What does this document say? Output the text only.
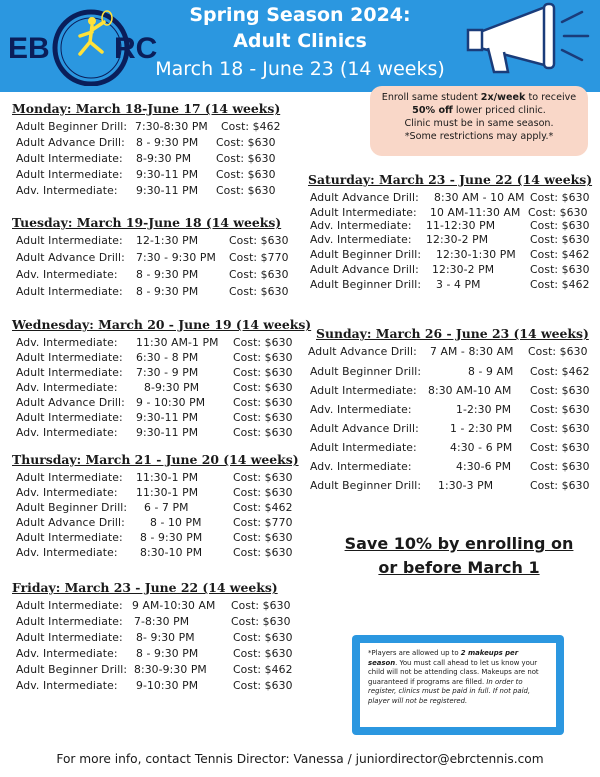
EB RC
Spring Season 2024:
Adult Clinics
March 18 - June 23 (14 weeks)
Enroll same student 2x/week to receive
50% off lower priced clinic.
Clinic must be in same season.
*Some restrictions may apply.*
Monday: March 18-June 17 (14 weeks)
Adult Beginner Drill: 7:30-8:30 PM Cost: $462
Adult Advance Drill: 8 - 9:30 PM Cost: $630
Adult Intermediate: 8-9:30 PM Cost: $630
Adult Intermediate: 9:30-11 PM Cost: $630
Adv. Intermediate: 9:30-11 PM Cost: $630
Tuesday: March 19-June 18 (14 weeks)
Adult Intermediate: 12-1:30 PM	Cost: $630
Adult Advance Drill: 7:30 - 9:30 PM Cost: $770
Adv. Intermediate: 8 - 9:30 PM	Cost: $630
Adult Intermediate: 8 - 9:30 PM	Cost: $630
Wednesday: March 20 - June 19 (14 weeks)
Adv. Intermediate: 11:30 AM-1 PM Cost: $630
Adult Intermediate: 6:30 - 8 PM	Cost: $630
Adult Intermediate: 7:30 - 9 PM	Cost: $630
Adv. Intermediate: 8-9:30 PM	Cost: $630
Adult Advance Drill: 9 - 10:30 PM	Cost: $630
Adult Intermediate: 9:30-11 PM	Cost: $630
Adv. Intermediate: 9:30-11 PM	Cost: $630
Thursday: March 21 - June 20 (14 weeks)
Adult Intermediate: 11:30-1 PM	Cost: $630
Adv. Intermediate: 11:30-1 PM	Cost: $630
Adult Beginner Drill: 6 - 7 PM	Cost: $462
Adult Advance Drill: 8 - 10 PM	Cost: $770
Adult Intermediate: 8 - 9:30 PM	Cost: $630
Adv. Intermediate: 8:30-10 PM	Cost: $630
Friday: March 23 - June 22 (14 weeks)
Adult Intermediate: 9 AM-10:30 AM Cost: $630
Adult Intermediate: 7-8:30 PM	Cost: $630
Adult Intermediate: 8- 9:30 PM	Cost: $630
Adv. Intermediate: 8 - 9:30 PM	Cost: $630
Adult Beginner Drill: 8:30-9:30 PM Cost: $462
Adv. Intermediate: 9-10:30 PM	Cost: $630
Saturday: March 23 - June 22 (14 weeks)
Adult Advance Drill: 8:30 AM - 10 AM Cost: $630
Adult Intermediate: 10 AM-11:30 AM Cost: $630
Adv. Intermediate: 11-12:30 PM	Cost: $630
Adv. Intermediate: 12:30-2 PM	Cost: $630
Adult Beginner Drill: 12:30-1:30 PM Cost: $462
Adult Advance Drill: 12:30-2 PM	Cost: $630
Adult Beginner Drill: 3 - 4 PM	Cost: $462
Sunday: March 26 - June 23 (14 weeks)
Adult Advance Drill: 7 AM - 8:30 AM Cost: $630
Adult Beginner Drill:	8 - 9 AM Cost: $462
Adult Intermediate: 8:30 AM-10 AM Cost: $630
Adv. Intermediate:	1-2:30 PM Cost: $630
Adult Advance Drill:	1 - 2:30 PM Cost: $630
Adult Intermediate:	4:30 - 6 PM Cost: $630
Adv. Intermediate:	4:30-6 PM Cost: $630
Adult Beginner Drill: 1:30-3 PM	Cost: $630
Save 10% by enrolling on
or before March 1
*Players are allowed up to 2 makeups per season. You must call ahead to let us know your child will not be attending class. Makeups are not guaranteed if programs are filled. In order to register, clinics must be paid in full. If not paid, player will not be registered.
For more info, contact Tennis Director: Vanessa / juniordirector@ebrctennis.com
